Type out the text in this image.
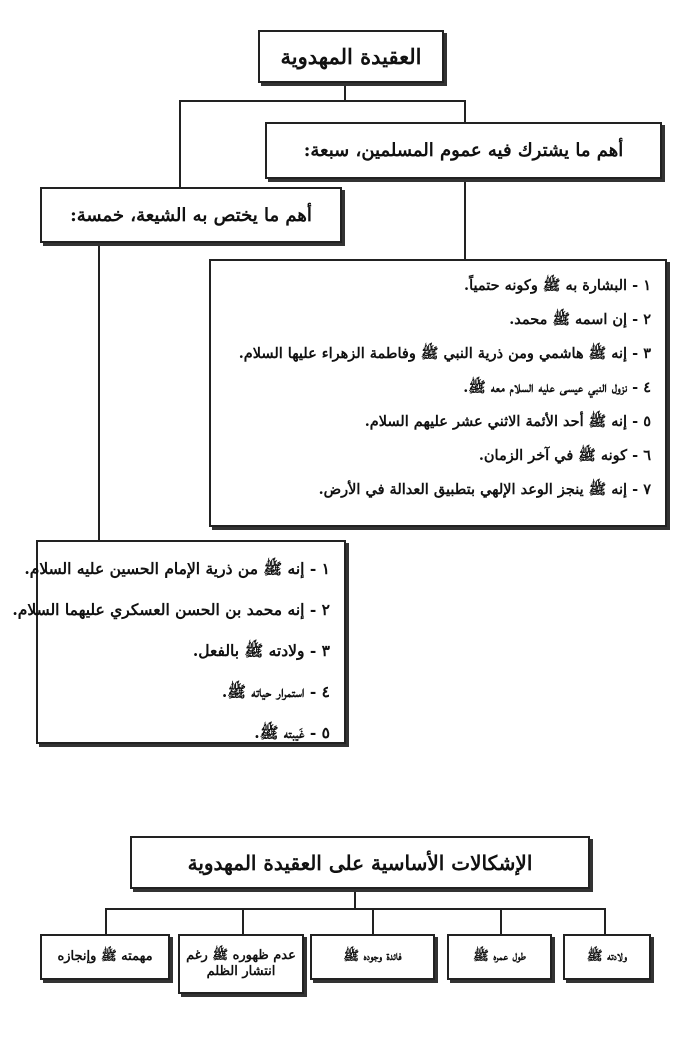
العقيدة المهدوية
أهم ما يشترك فيه عموم المسلمين، سبعة:
أهم ما يختص به الشيعة، خمسة:
١ - البشارة به ﷺ وكونه حتمياً.
٢ - إن اسمه ﷺ محمد.
٣ - إنه ﷺ هاشمي ومن ذرية النبي ﷺ وفاطمة الزهراء عليها السلام.
٤ - نزول النبي عيسى عليه السلام معه ﷺ.
٥ - إنه ﷺ أحد الأئمة الاثني عشر عليهم السلام.
٦ - كونه ﷺ في آخر الزمان.
٧ - إنه ﷺ ينجز الوعد الإلهي بتطبيق العدالة في الأرض.
١ - إنه ﷺ من ذرية الإمام الحسين عليه السلام.
٢ - إنه محمد بن الحسن العسكري عليهما السلام.
٣ - ولادته ﷺ بالفعل.
٤ - استمرار حياته ﷺ.
٥ - غَيبته ﷺ.
الإشكالات الأساسية على العقيدة المهدوية
ولادته ﷺ
طول عمره ﷺ
فائدة وجوده ﷺ
عدم ظهوره ﷺ رغم انتشار الظلم
مهمته ﷺ وإنجازه
